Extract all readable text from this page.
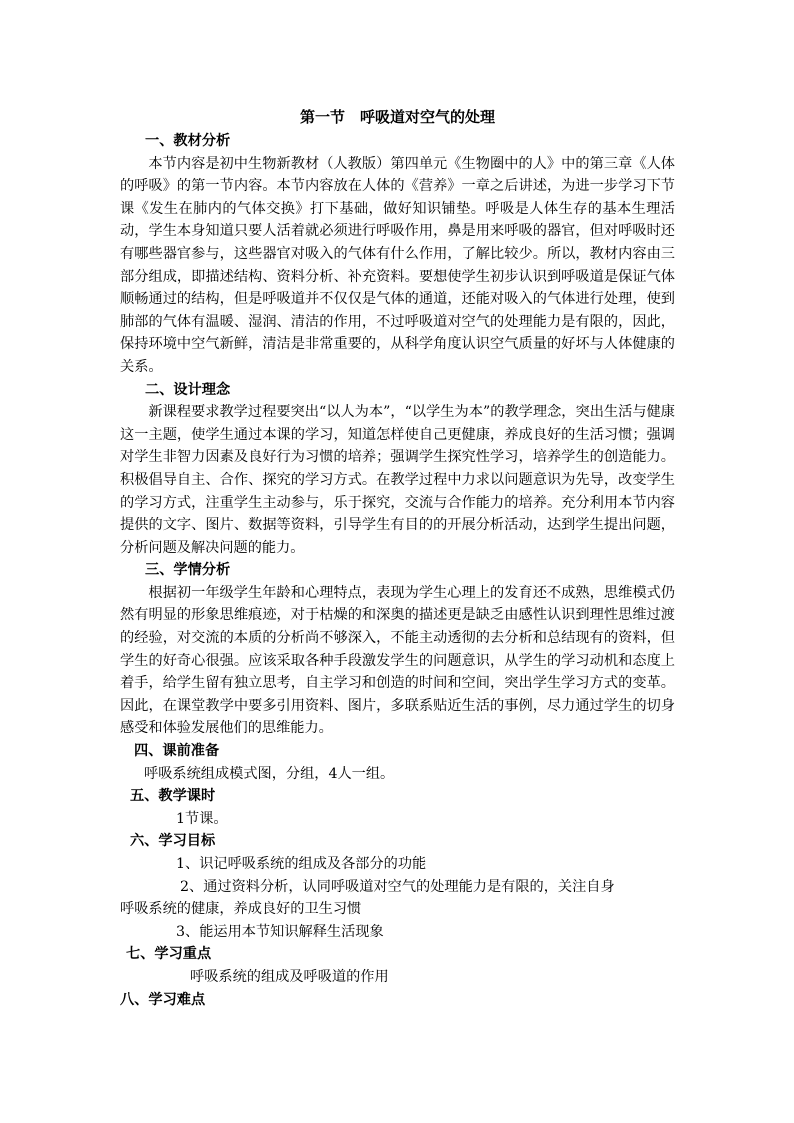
第一节　呼吸道对空气的处理
一、教材分析
本节内容是初中生物新教材（人教版）第四单元《生物圈中的人》中的第三章《人体的呼吸》的第一节内容。本节内容放在人体的《营养》一章之后讲述，为进一步学习下节课《发生在肺内的气体交换》打下基础，做好知识铺垫。呼吸是人体生存的基本生理活动，学生本身知道只要人活着就必须进行呼吸作用，鼻是用来呼吸的器官，但对呼吸时还有哪些器官参与，这些器官对吸入的气体有什么作用，了解比较少。所以，教材内容由三部分组成，即描述结构、资料分析、补充资料。要想使学生初步认识到呼吸道是保证气体顺畅通过的结构，但是呼吸道并不仅仅是气体的通道，还能对吸入的气体进行处理，使到肺部的气体有温暖、湿润、清洁的作用，不过呼吸道对空气的处理能力是有限的，因此，保持环境中空气新鲜，清洁是非常重要的，从科学角度认识空气质量的好坏与人体健康的关系。
二、设计理念
新课程要求教学过程要突出“以人为本”，“以学生为本”的教学理念，突出生活与健康这一主题，使学生通过本课的学习，知道怎样使自己更健康，养成良好的生活习惯；强调对学生非智力因素及良好行为习惯的培养；强调学生探究性学习，培养学生的创造能力。积极倡导自主、合作、探究的学习方式。在教学过程中力求以问题意识为先导，改变学生的学习方式，注重学生主动参与，乐于探究，交流与合作能力的培养。充分利用本节内容提供的文字、图片、数据等资料，引导学生有目的的开展分析活动，达到学生提出问题，分析问题及解决问题的能力。
三、学情分析
根据初一年级学生年龄和心理特点，表现为学生心理上的发育还不成熟，思维模式仍然有明显的形象思维痕迹，对于枯燥的和深奥的描述更是缺乏由感性认识到理性思维过渡的经验，对交流的本质的分析尚不够深入，不能主动透彻的去分析和总结现有的资料，但学生的好奇心很强。应该采取各种手段激发学生的问题意识，从学生的学习动机和态度上着手，给学生留有独立思考，自主学习和创造的时间和空间，突出学生学习方式的变革。因此，在课堂教学中要多引用资料、图片，多联系贴近生活的事例，尽力通过学生的切身感受和体验发展他们的思维能力。
四、课前准备
呼吸系统组成模式图，分组，4人一组。
五、教学课时
1节课。
六、学习目标
1、识记呼吸系统的组成及各部分的功能
2、通过资料分析，认同呼吸道对空气的处理能力是有限的，关注自身
呼吸系统的健康，养成良好的卫生习惯
3、能运用本节知识解释生活现象
七、学习重点
呼吸系统的组成及呼吸道的作用
八、学习难点
